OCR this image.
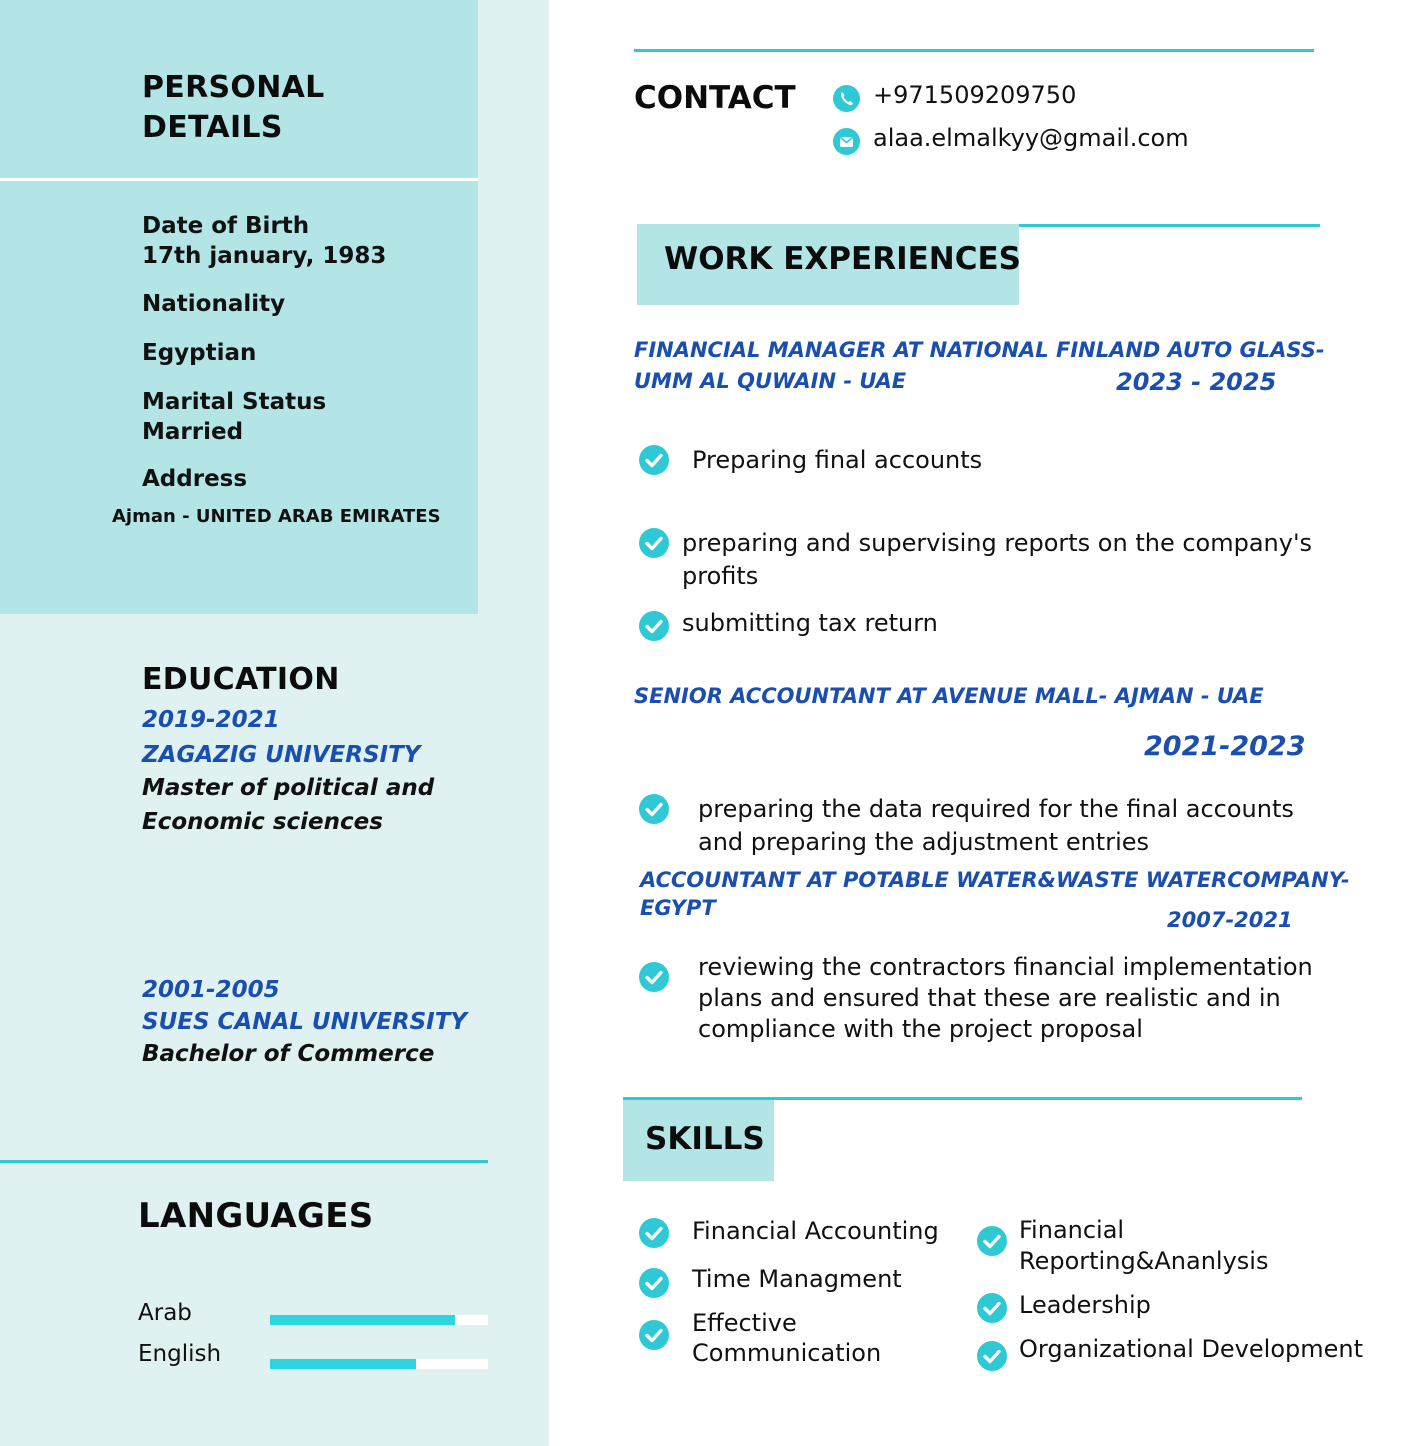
PERSONAL
DETAILS
Date of Birth
17th january, 1983
Nationality
Egyptian
Marital Status
Married
Address
Ajman - UNITED ARAB EMIRATES
EDUCATION
2019-2021
ZAGAZIG UNIVERSITY
Master of political and
Economic sciences
2001-2005
SUES CANAL UNIVERSITY
Bachelor of Commerce
LANGUAGES
Arab
English
CONTACT	+971509209750
alaa.elmalkyy@gmail.com
WORK EXPERIENCES
FINANCIAL MANAGER AT NATIONAL FINLAND AUTO GLASS-
UMM AL QUWAIN - UAE	2023 - 2025
Preparing final accounts
preparing and supervising reports on the company's
profits
submitting tax return
SENIOR ACCOUNTANT AT AVENUE MALL- AJMAN - UAE
2021-2023
preparing the data required for the final accounts
and preparing the adjustment entries
ACCOUNTANT AT POTABLE WATER&WASTE WATERCOMPANY-
EGYPT	2007-2021
reviewing the contractors financial implementation
plans and ensured that these are realistic and in
compliance with the project proposal
SKILLS
Financial Accounting
Time Managment
Effective
Communication
Financial
Reporting&Ananlysis
Leadership
Organizational Development
